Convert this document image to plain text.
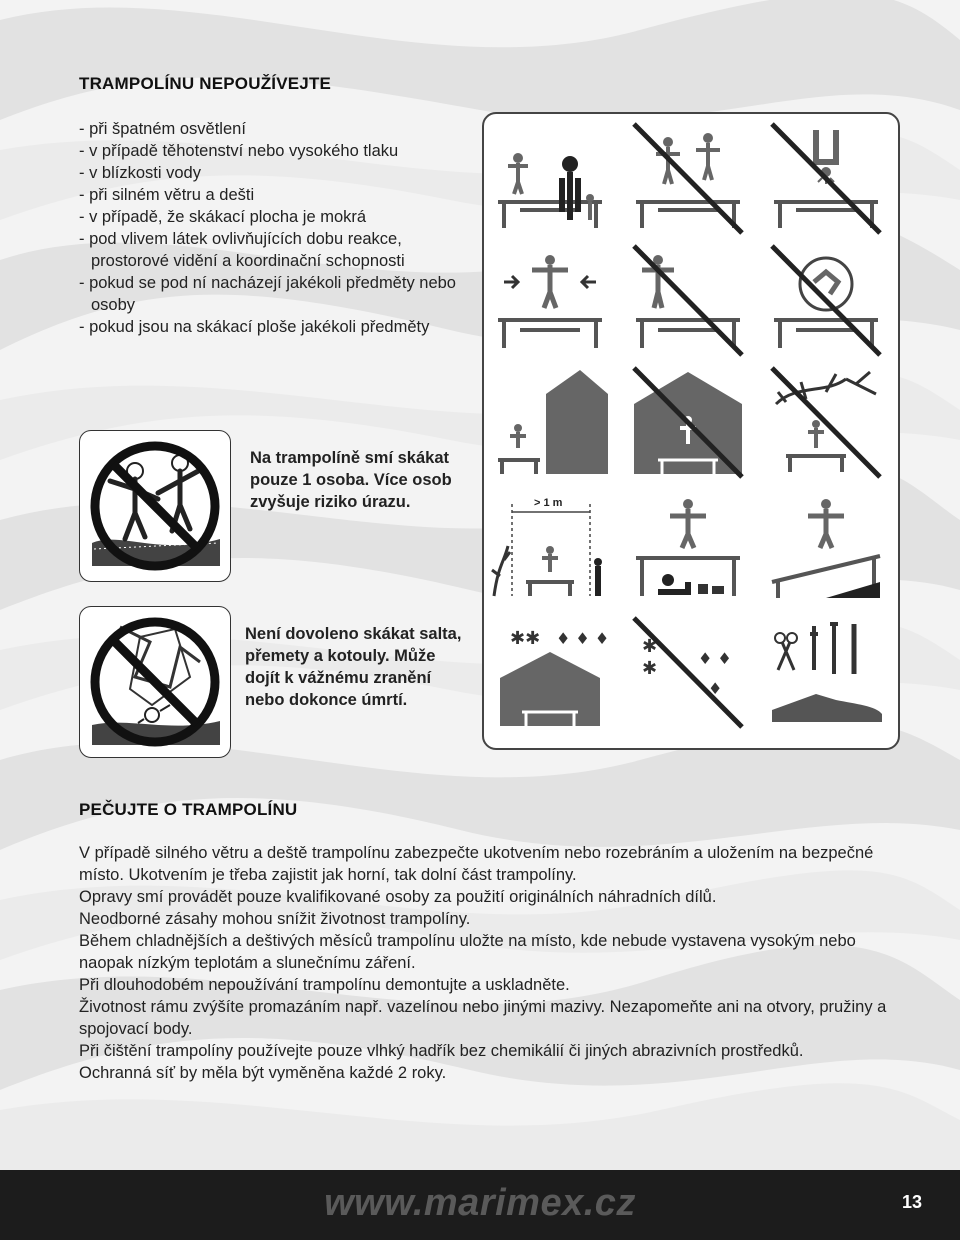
TRAMPOLÍNU NEPOUŽÍVEJTE
- při špatném osvětlení
- v případě těhotenství nebo vysokého tlaku
- v blízkosti vody
- při silném větru a dešti
- v případě, že skákací plocha je mokrá
- pod vlivem látek ovlivňujících dobu reakce, prostorové vidění a koordinační schopnosti
- pokud se pod ní nacházejí jakékoli předměty nebo osoby
- pokud jsou na skákací ploše jakékoli předměty
Na trampolíně smí skákat pouze 1 osoba. Více osob zvyšuje riziko úrazu.
Není dovoleno skákat salta, přemety a kotouly. Může dojít k vážnému zranění nebo dokonce úmrtí.
> 1 m
✱✱ ♦ ♦ ♦ ✱
✱	♦ ♦
♦
PEČUJTE O TRAMPOLÍNU

V případě silného větru a deště trampolínu zabezpečte ukotvením nebo rozebráním a uložením na bezpečné místo. Ukotvením je třeba zajistit jak horní, tak dolní část trampolíny.

Opravy smí provádět pouze kvalifikované osoby za použití originálních náhradních dílů.

Neodborné zásahy mohou snížit životnost trampolíny.

Během chladnějších a deštivých měsíců trampolínu uložte na místo, kde nebude vystavena vysokým nebo naopak nízkým teplotám a slunečnímu záření.

Při dlouhodobém nepoužívání trampolínu demontujte a uskladněte.

Životnost rámu zvýšíte promazáním např. vazelínou nebo jinými mazivy. Nezapomeňte ani na otvory, pružiny a spojovací body.

Při čištění trampolíny používejte pouze vlhký hadřík bez chemikálií či jiných abrazivních prostředků.

Ochranná síť by měla být vyměněna každé 2 roky.

www.marimex.cz	13
